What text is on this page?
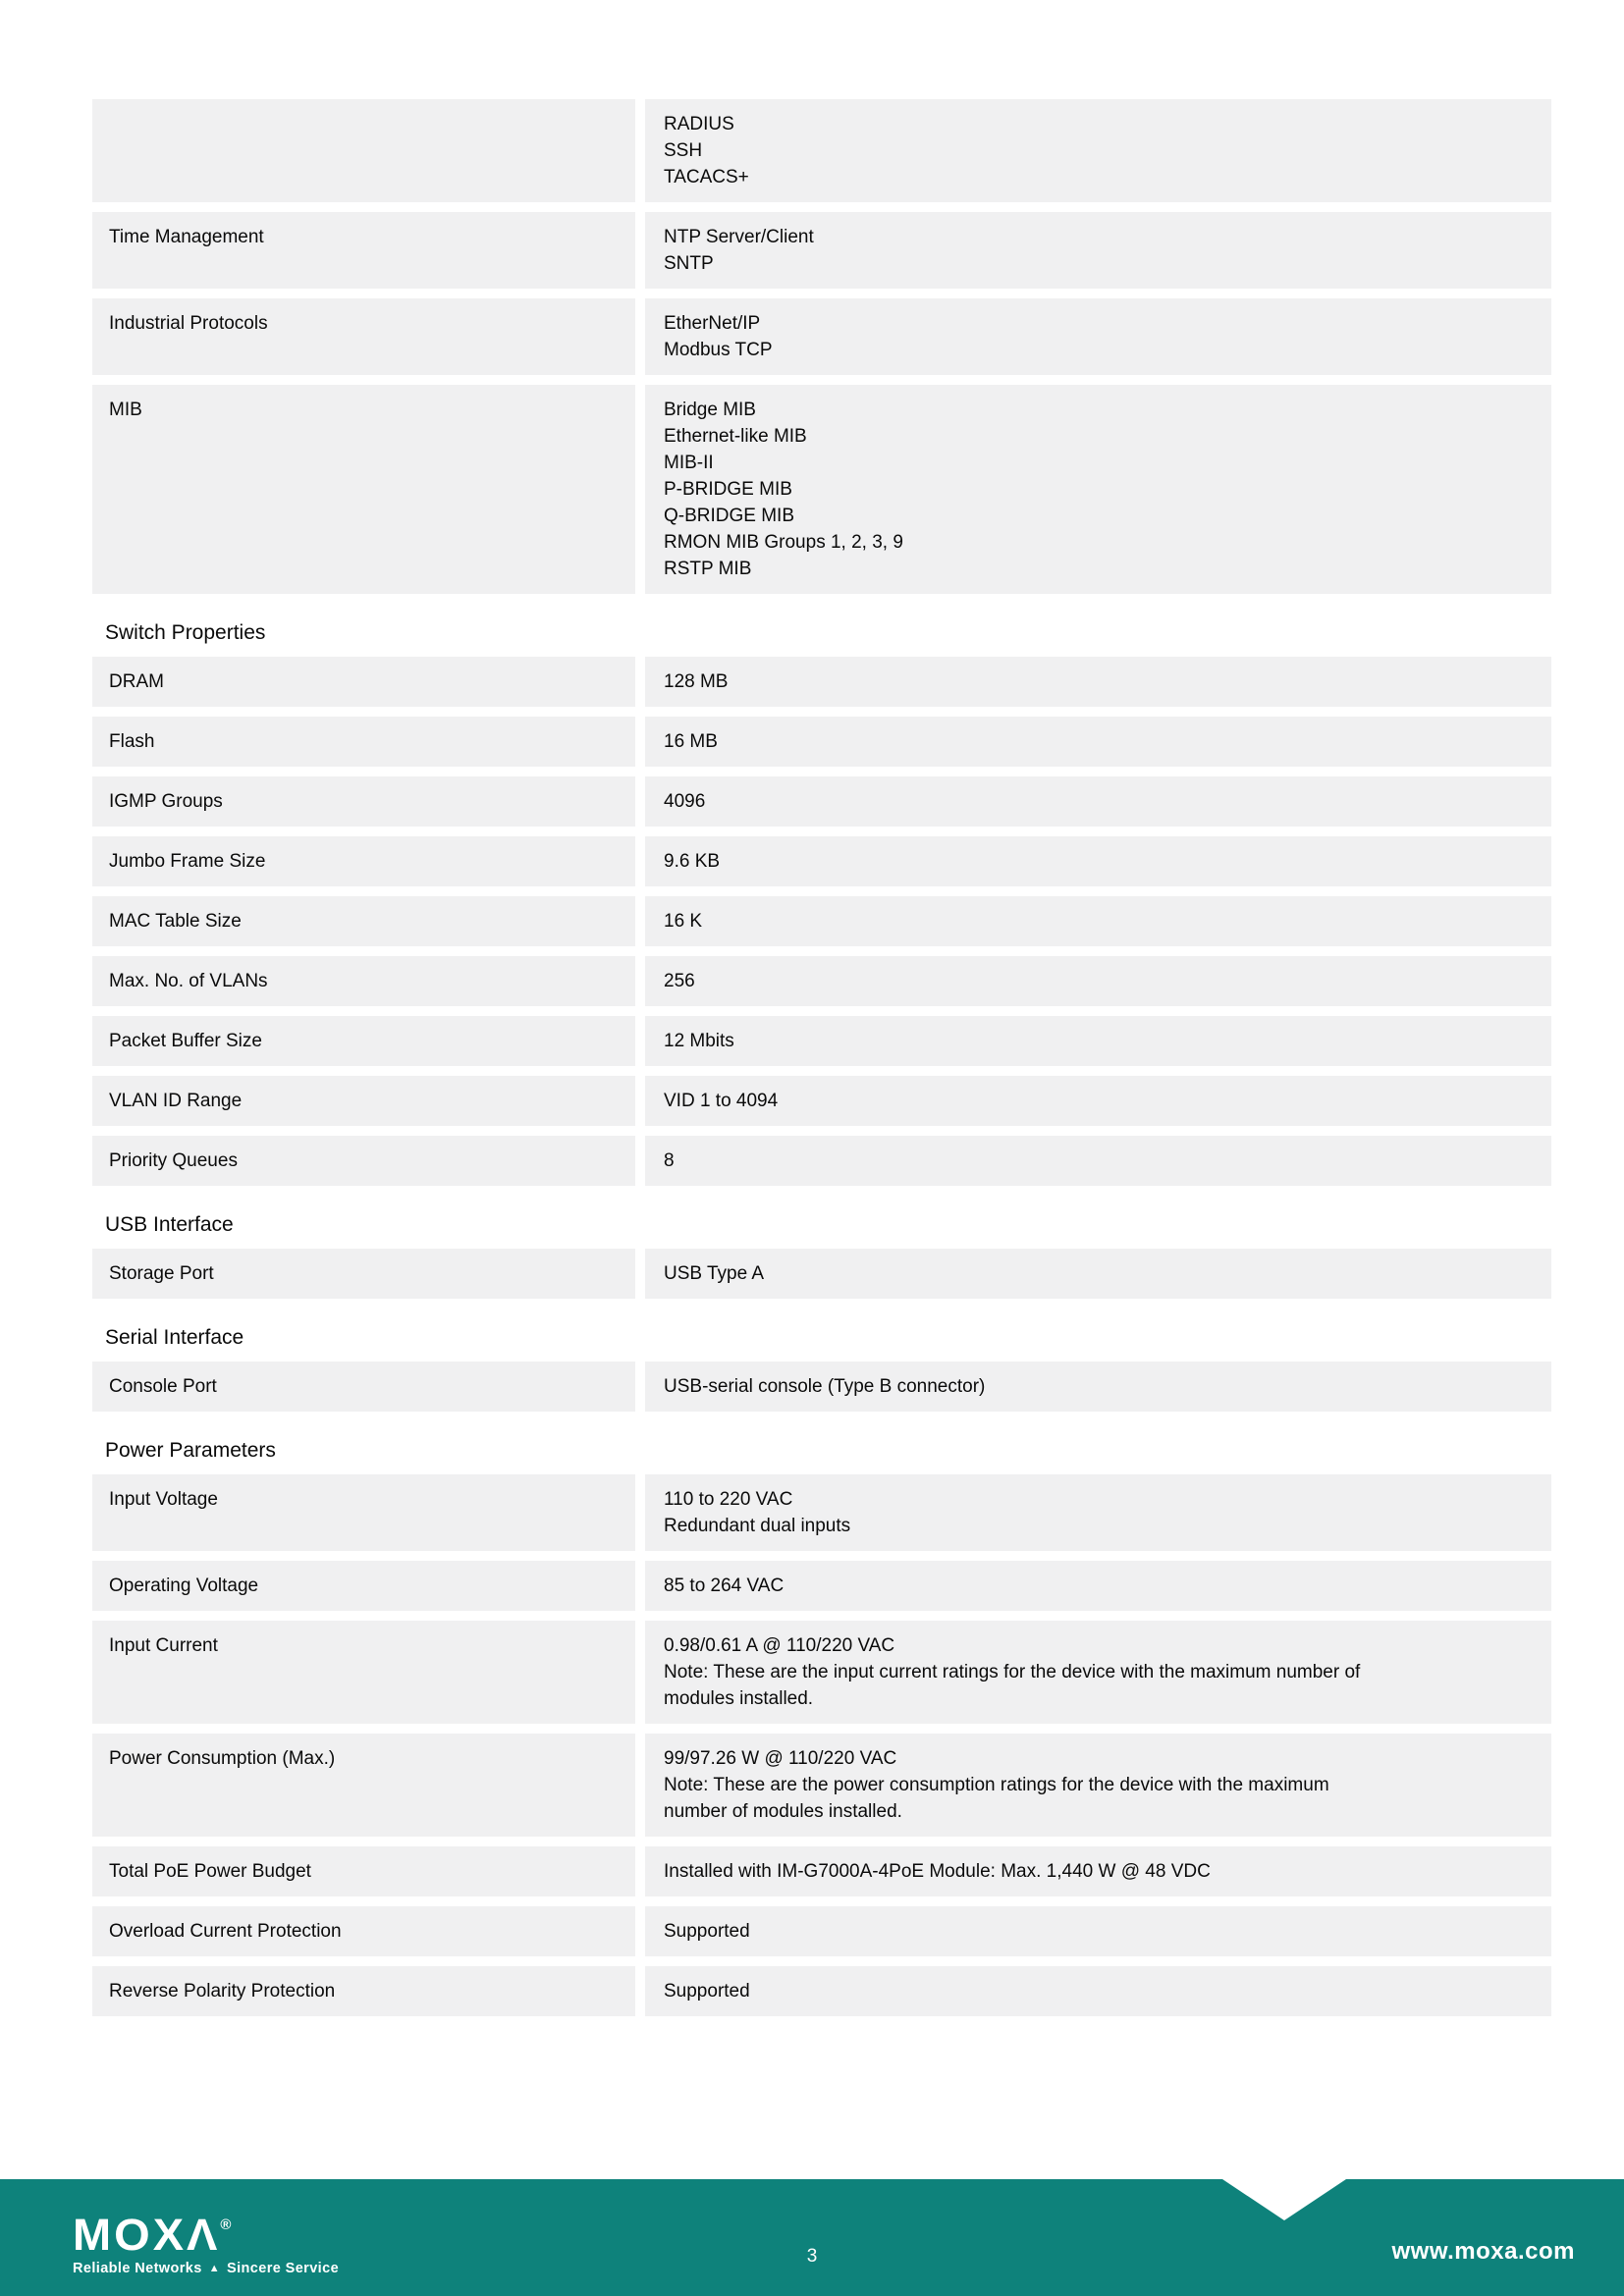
RADIUS
SSH
TACACS+
Time Management	NTP Server/Client
SNTP
Industrial Protocols	EtherNet/IP
Modbus TCP
MIB	Bridge MIB
Ethernet-like MIB
MIB-II
P-BRIDGE MIB
Q-BRIDGE MIB
RMON MIB Groups 1, 2, 3, 9
RSTP MIB
Switch Properties
DRAM	128 MB
Flash	16 MB
IGMP Groups	4096
Jumbo Frame Size	9.6 KB
MAC Table Size	16 K
Max. No. of VLANs	256
Packet Buffer Size	12 Mbits
VLAN ID Range	VID 1 to 4094
Priority Queues	8
USB Interface
Storage Port	USB Type A
Serial Interface
Console Port	USB-serial console (Type B connector)
Power Parameters
Input Voltage	110 to 220 VAC
Redundant dual inputs
Operating Voltage	85 to 264 VAC
Input Current	0.98/0.61 A @ 110/220 VAC
Note: These are the input current ratings for the device with the maximum number of
modules installed.
Power Consumption (Max.)	99/97.26 W @ 110/220 VAC
Note: These are the power consumption ratings for the device with the maximum
number of modules installed.
Total PoE Power Budget	Installed with IM-G7000A-4PoE Module: Max. 1,440 W @ 48 VDC
Overload Current Protection	Supported
Reverse Polarity Protection	Supported
MOXΛ®
Reliable Networks ▲ Sincere Service
3	www.moxa.com
